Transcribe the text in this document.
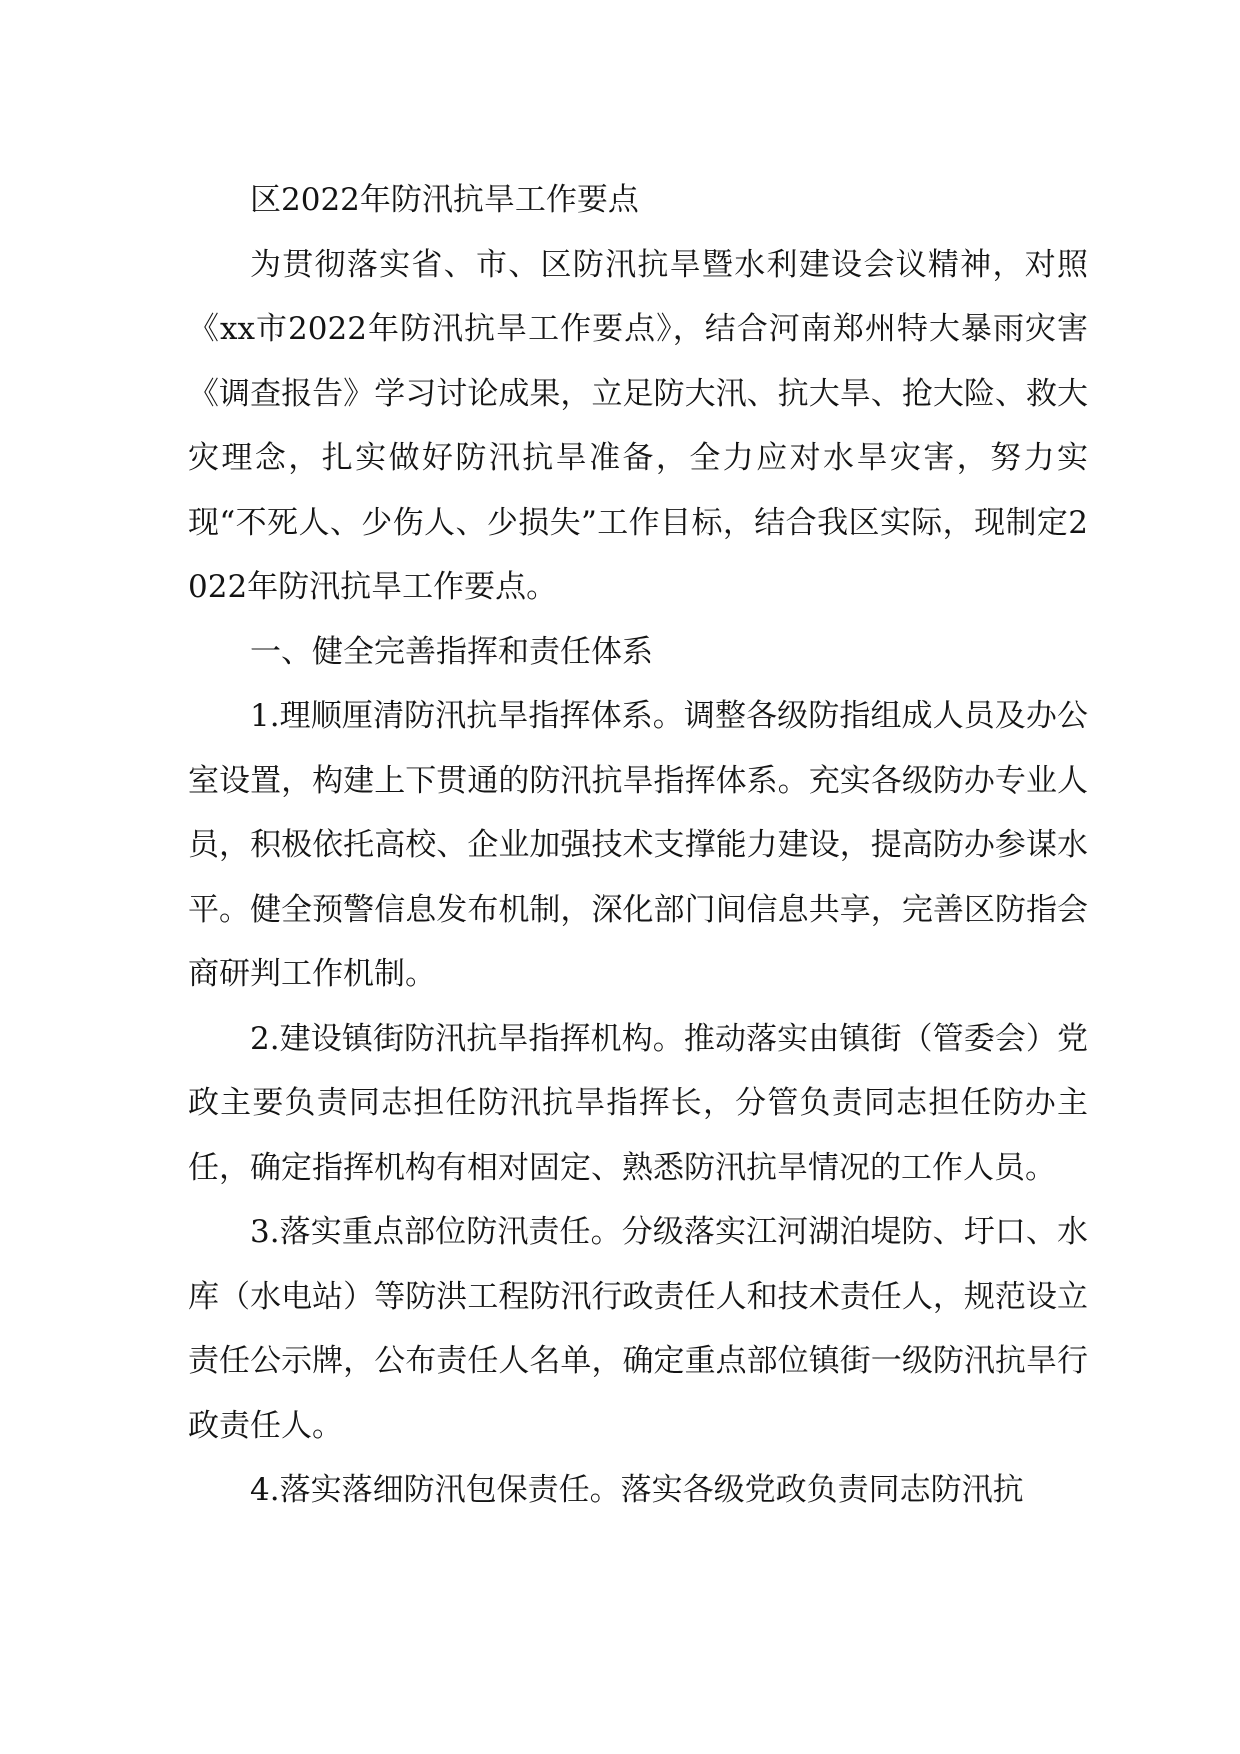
区2022年防汛抗旱工作要点

为贯彻落实省、市、区防汛抗旱暨水利建设会议精神，对照《xx市2022年防汛抗旱工作要点》，结合河南郑州特大暴雨灾害《调查报告》学习讨论成果，立足防大汛、抗大旱、抢大险、救大灾理念，扎实做好防汛抗旱准备，全力应对水旱灾害，努力实现“不死人、少伤人、少损失”工作目标，结合我区实际，现制定2022年防汛抗旱工作要点。

一、健全完善指挥和责任体系

1.理顺厘清防汛抗旱指挥体系。调整各级防指组成人员及办公室设置，构建上下贯通的防汛抗旱指挥体系。充实各级防办专业人员，积极依托高校、企业加强技术支撑能力建设，提高防办参谋水平。健全预警信息发布机制，深化部门间信息共享，完善区防指会商研判工作机制。

2.建设镇街防汛抗旱指挥机构。推动落实由镇街（管委会）党政主要负责同志担任防汛抗旱指挥长，分管负责同志担任防办主任，确定指挥机构有相对固定、熟悉防汛抗旱情况的工作人员。

3.落实重点部位防汛责任。分级落实江河湖泊堤防、圩口、水库（水电站）等防洪工程防汛行政责任人和技术责任人，规范设立责任公示牌，公布责任人名单，确定重点部位镇街一级防汛抗旱行政责任人。

4.落实落细防汛包保责任。落实各级党政负责同志防汛抗
